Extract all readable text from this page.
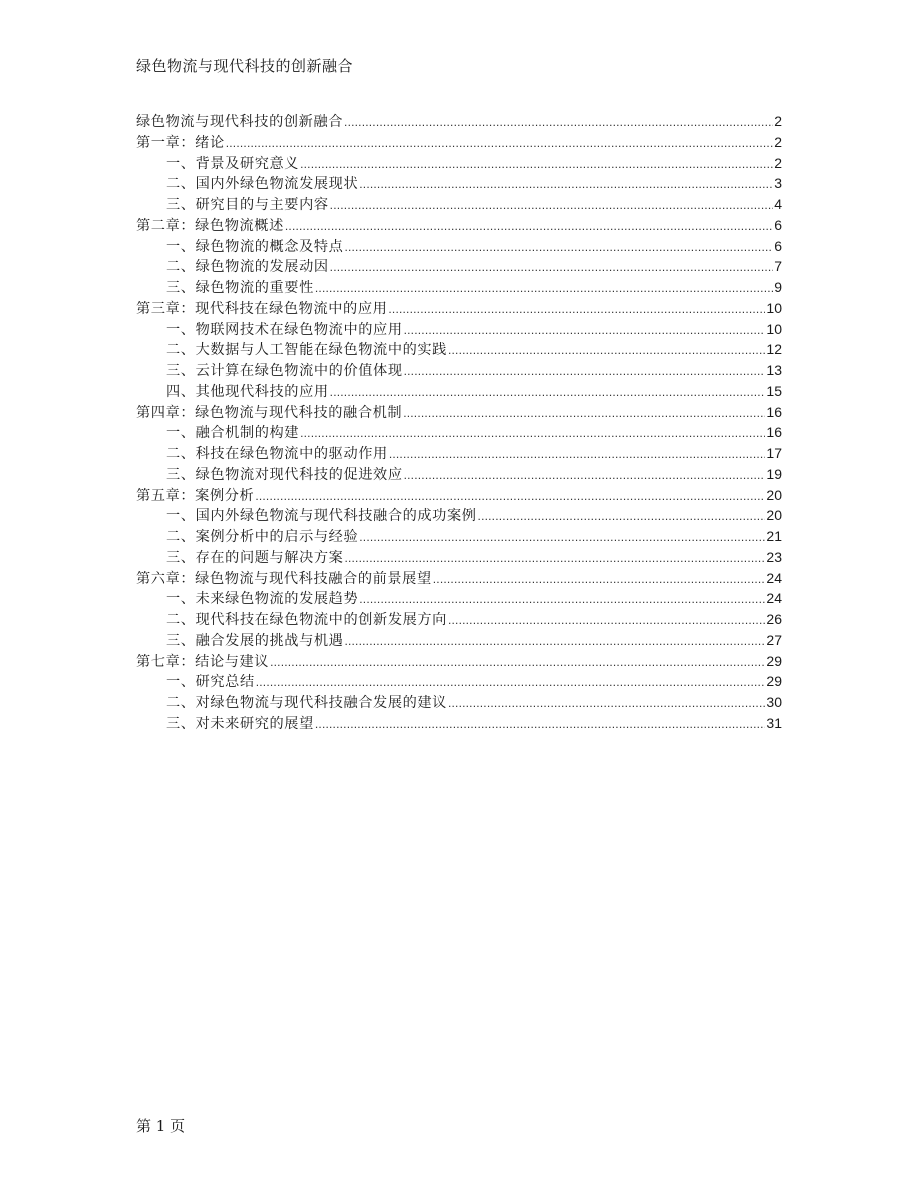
绿色物流与现代科技的创新融合
绿色物流与现代科技的创新融合 .....	2
第一章：绪论 .....	2
一、背景及研究意义 .....	2
二、国内外绿色物流发展现状 .....	3
三、研究目的与主要内容 .....	4
第二章：绿色物流概述 .....	6
一、绿色物流的概念及特点 .....	6
二、绿色物流的发展动因 .....	7
三、绿色物流的重要性 .....	9
第三章：现代科技在绿色物流中的应用 .....	10
一、物联网技术在绿色物流中的应用 .....	10
二、大数据与人工智能在绿色物流中的实践 .....	12
三、云计算在绿色物流中的价值体现 .....	13
四、其他现代科技的应用 .....	15
第四章：绿色物流与现代科技的融合机制 .....	16
一、融合机制的构建 .....	16
二、科技在绿色物流中的驱动作用 .....	17
三、绿色物流对现代科技的促进效应 .....	19
第五章：案例分析 .....	20
一、国内外绿色物流与现代科技融合的成功案例 .....	20
二、案例分析中的启示与经验 .....	21
三、存在的问题与解决方案 .....	23
第六章：绿色物流与现代科技融合的前景展望 .....	24
一、未来绿色物流的发展趋势 .....	24
二、现代科技在绿色物流中的创新发展方向 .....	26
三、融合发展的挑战与机遇 .....	27
第七章：结论与建议 .....	29
一、研究总结 .....	29
二、对绿色物流与现代科技融合发展的建议 .....	30
三、对未来研究的展望 .....	31
第 1 页
